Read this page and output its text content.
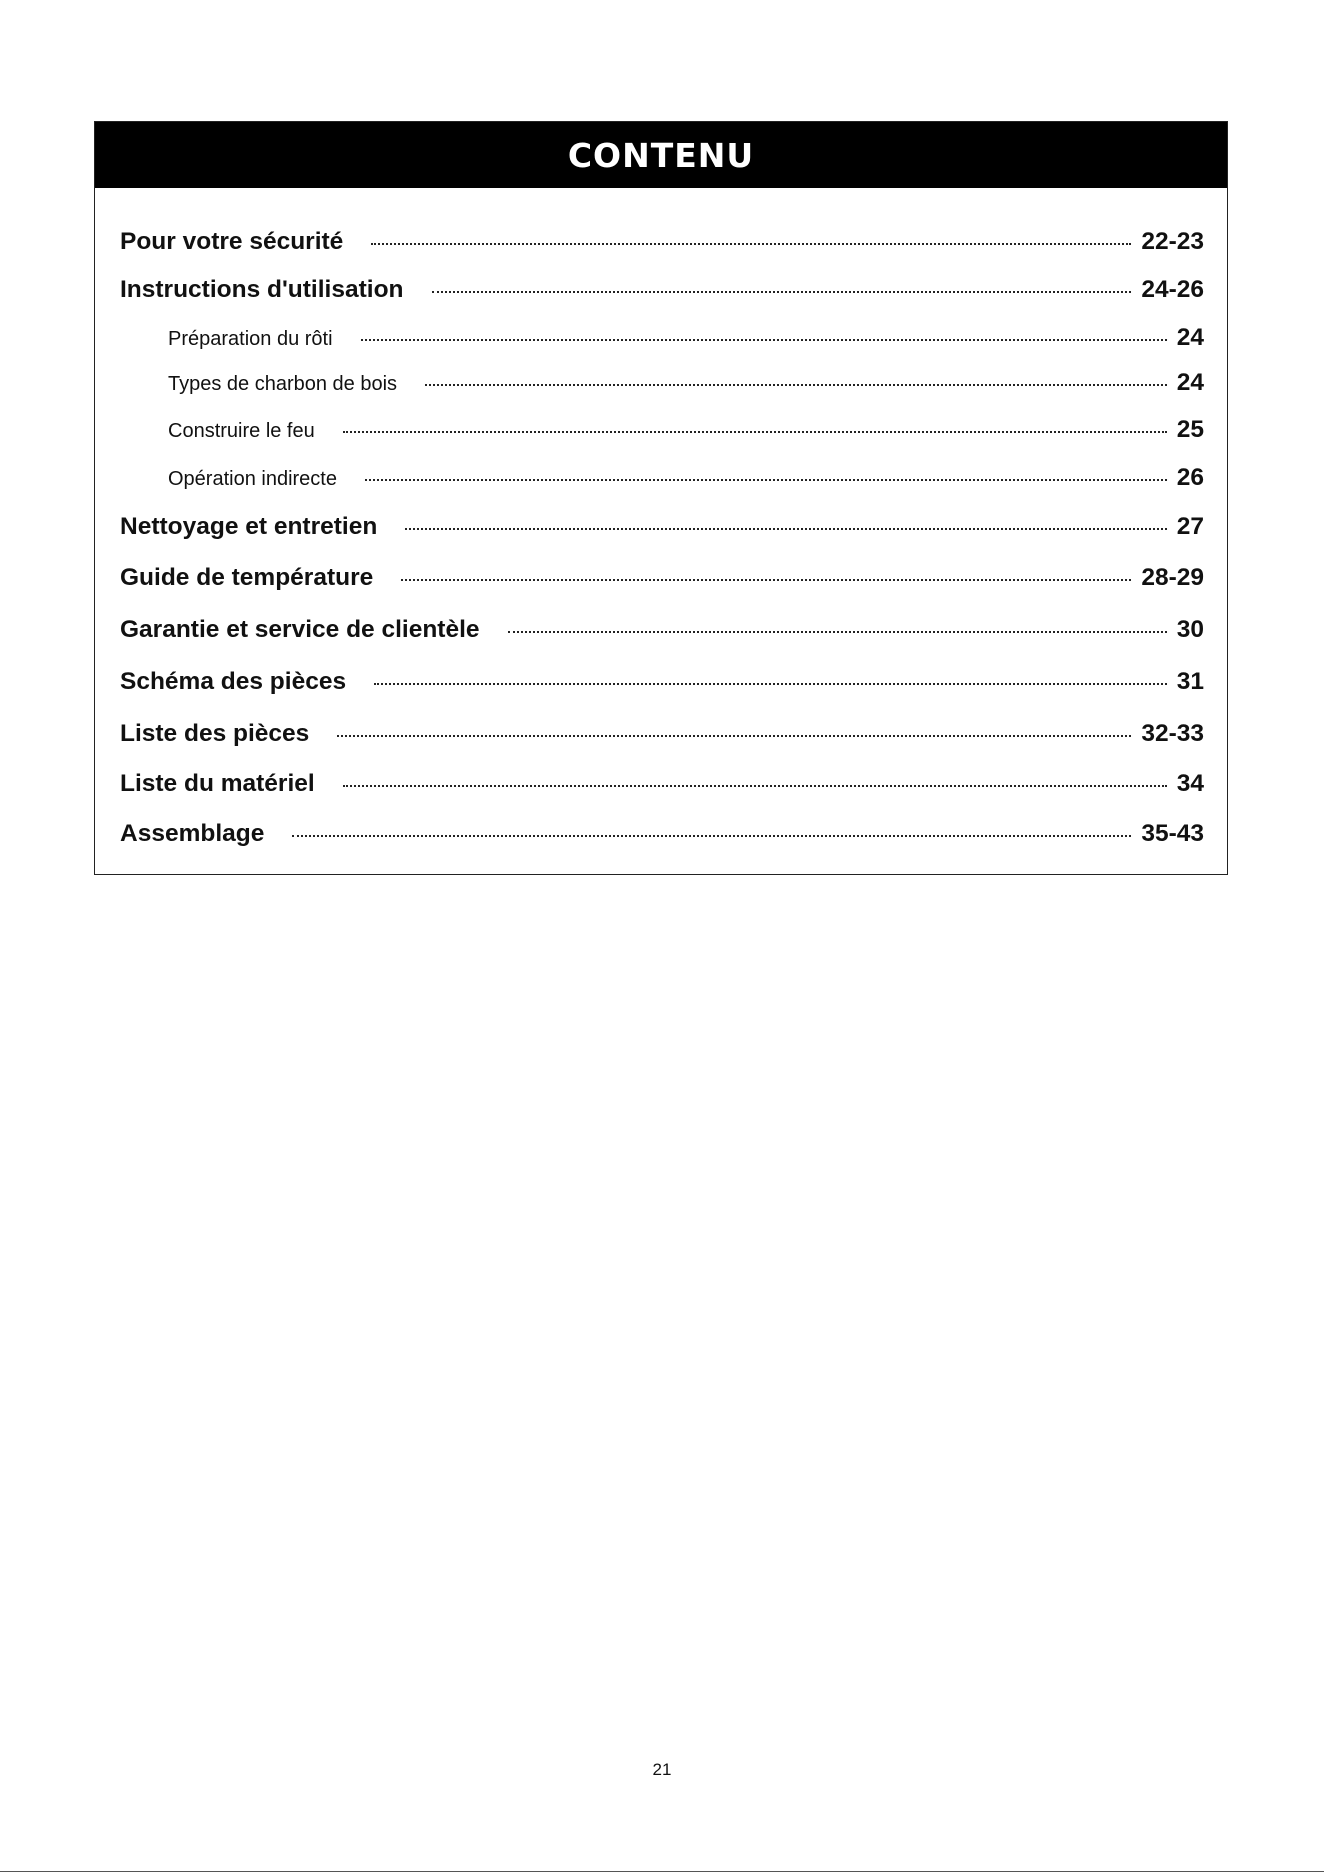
CONTENU
Pour votre sécurité	22-23
Instructions d'utilisation	24-26
Préparation du rôti	24
Types de charbon de bois	24
Construire le feu	25
Opération indirecte	26
Nettoyage et entretien	27
Guide de température	28-29
Garantie et service de clientèle	30
Schéma des pièces	31
Liste des pièces	32-33
Liste du matériel	34
Assemblage	35-43
21
